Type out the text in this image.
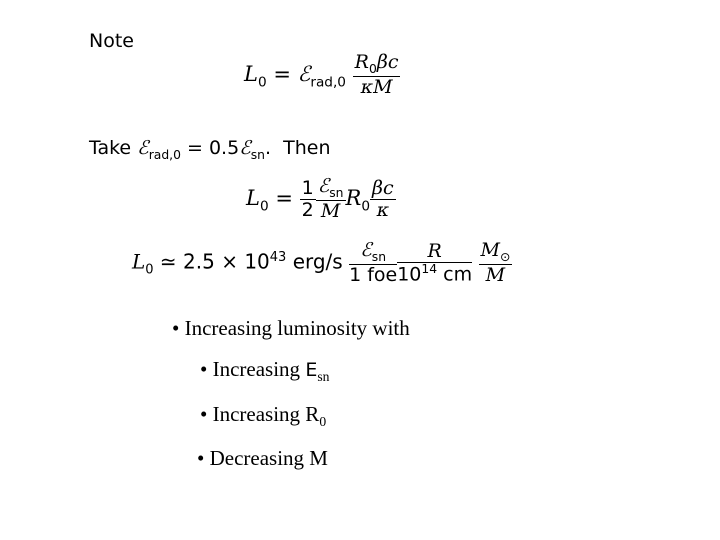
Note
$L_0$ = ℰ$_{rad,0}$ $\frac{R_0\beta c}{\kappa M}$
Take ℰ$_{rad,0}$ = 0.5ℰ$_{sn}$. Then
$L_0 = \frac{1}{2} \frac{ℰ_{sn}}{M} R_0 \frac{\beta c}{\kappa}$
$L_0$ ≃ $2.5 \times 10^{43}$ $erg/s \frac{ℰ_{sn}}{\text{1 foe}} \frac{R}{10^{14} cm}$
$\frac{M_⊙}{M}$
• Increasing luminosity with
• Increasing $E_{sn}$
• Increasing $R_0$
• Decreasing M
